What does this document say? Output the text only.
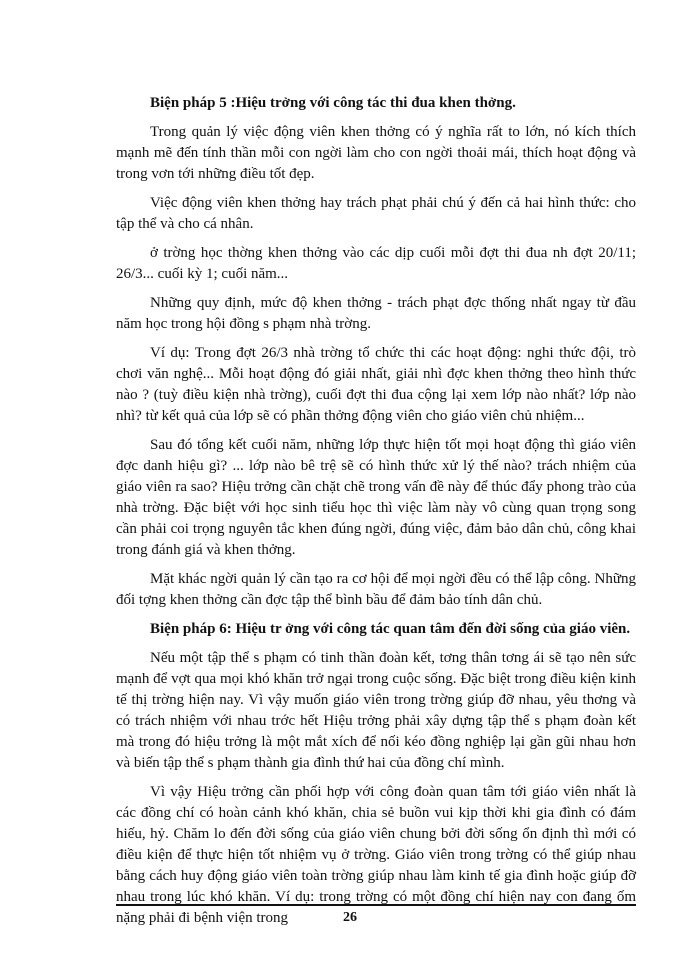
Biện pháp 5 :Hiệu trởng với công tác thi đua khen thởng.

Trong quản lý việc động viên khen thởng có ý nghĩa rất to lớn, nó kích thích mạnh mẽ đến tính thần mỗi con ngời làm cho con ngời thoải mái, thích hoạt động và trong vơn tới những điều tốt đẹp.

Việc động viên khen thởng hay trách phạt phải chú ý đến cả hai hình thức: cho tập thể và cho cá nhân.

ở trờng học thờng khen thởng vào các dịp cuối mỗi đợt thi đua nh đợt 20/11; 26/3... cuối kỳ 1; cuối năm...

Những quy định, mức độ khen thởng - trách phạt đợc thống nhất ngay từ đầu năm học trong hội đồng s phạm nhà trờng.

Ví dụ: Trong đợt 26/3 nhà trờng tổ chức thi các hoạt động: nghi thức đội, trò chơi văn nghệ... Mỗi hoạt động đó giải nhất, giải nhì đợc khen thởng theo hình thức nào ? (tuỳ điều kiện nhà trờng), cuối đợt thi đua cộng lại xem lớp nào nhất? lớp nào nhì? từ kết quả của lớp sẽ có phần thởng động viên cho giáo viên chủ nhiệm...

Sau đó tổng kết cuối năm, những lớp thực hiện tốt mọi hoạt động thì giáo viên đợc danh hiệu gì? ... lớp nào bê trệ sẽ có hình thức xử lý thế nào? trách nhiệm của giáo viên ra sao? Hiệu trởng cần chặt chẽ trong vấn đề này để thúc đẩy phong trào của nhà trờng. Đặc biệt với học sinh tiểu học thì việc làm này vô cùng quan trọng song cần phải coi trọng nguyên tắc khen đúng ngời, đúng việc, đảm bảo dân chủ, công khai trong đánh giá và khen thởng.

Mặt khác ngời quản lý cần tạo ra cơ hội để mọi ngời đều có thể lập công. Những đối tợng khen thởng cần đợc tập thể bình bầu để đảm bảo tính dân chủ.

Biện pháp 6: Hiệu tr ởng với công tác quan tâm đến đời sống của giáo viên.

Nếu một tập thể s phạm có tinh thần đoàn kết, tơng thân tơng ái sẽ tạo nên sức mạnh để vợt qua mọi khó khăn trở ngại trong cuộc sống. Đặc biệt trong điều kiện kinh tế thị trờng hiện nay. Vì vậy muốn giáo viên trong trờng giúp đỡ nhau, yêu thơng và có trách nhiệm với nhau trớc hết Hiệu trởng phải xây dựng tập thể s phạm đoàn kết mà trong đó hiệu trởng là một mắt xích để nối kéo đồng nghiệp lại gần gũi nhau hơn và biến tập thể s phạm thành gia đình thứ hai của đồng chí mình.

Vì vậy Hiệu trởng cần phối hợp với công đoàn quan tâm tới giáo viên nhất là các đồng chí có hoàn cảnh khó khăn, chia sẻ buồn vui kịp thời khi gia đình có đám hiếu, hỷ. Chăm lo đến đời sống của giáo viên chung bởi đời sống ổn định thì mới có điều kiện để thực hiện tốt nhiệm vụ ở trờng. Giáo viên trong trờng có thể giúp nhau bằng cách huy động giáo viên toàn trờng giúp nhau làm kinh tế gia đình hoặc giúp đỡ nhau trong lúc khó khăn. Ví dụ: trong trờng có một đồng chí hiện nay con đang ốm nặng phải đi bệnh viện trong	26
